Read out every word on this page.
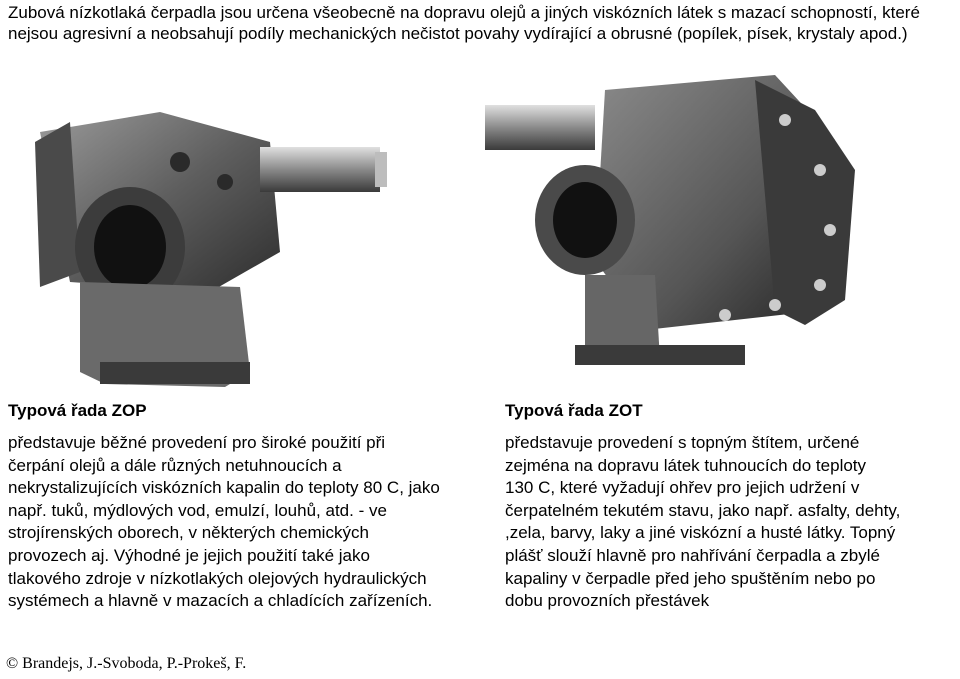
Zubová nízkotlaká čerpadla jsou určena všeobecně na dopravu olejů a jiných viskózních látek s mazací schopností, které nejsou agresivní a neobsahují podíly mechanických nečistot povahy vydírající a obrusné (popílek, písek, krystaly apod.)

Typová řada ZOP

představuje běžné provedení pro široké použití při
čerpání olejů a dále různých netuhnoucích a
nekrystalizujících viskózních kapalin do teploty 80 C, jako
např. tuků, mýdlových vod, emulzí, louhů, atd. - ve
strojírenských oborech, v některých chemických
provozech aj. Výhodné je jejich použití také jako
tlakového zdroje v nízkotlakých olejových hydraulických
systémech a hlavně v mazacích a chladících zařízeních.

Typová řada ZOT

představuje provedení s topným štítem, určené
zejména na dopravu látek tuhnoucích do teploty
130 C, které vyžadují ohřev pro jejich udržení v
čerpatelném tekutém stavu, jako např. asfalty, dehty,
,zela, barvy, laky a jiné viskózní a husté látky. Topný
plášť slouží hlavně pro nahřívání čerpadla a zbylé
kapaliny v čerpadle před jeho spuštěním nebo po
dobu provozních přestávek

© Brandejs, J.-Svoboda, P.-Prokeš, F.
